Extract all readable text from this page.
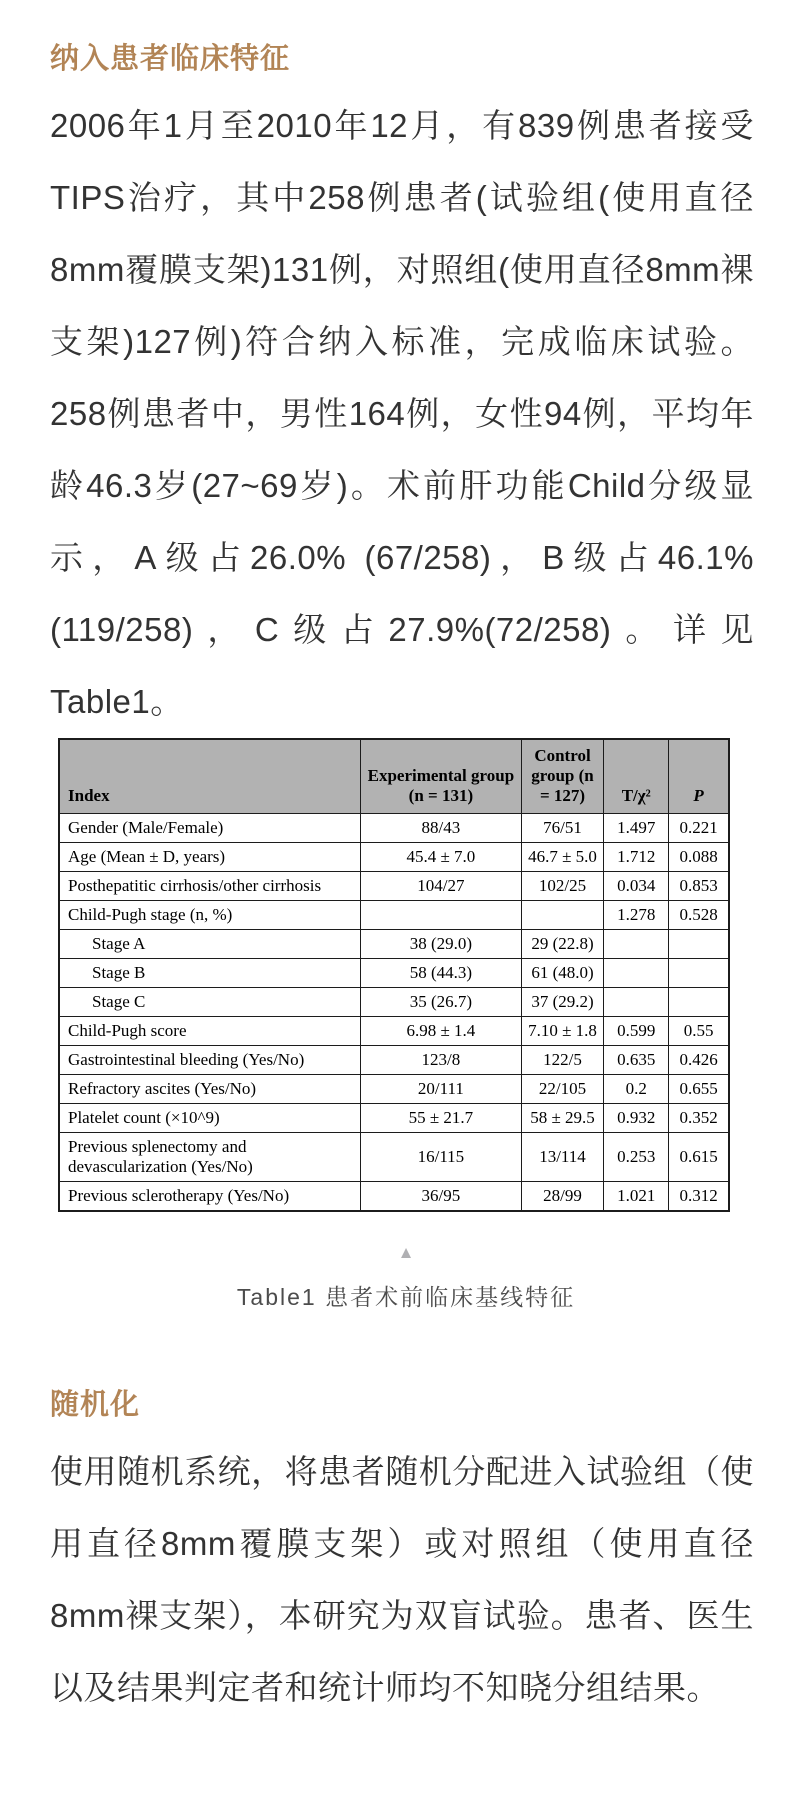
纳入患者临床特征

2006年1月至2010年12月，有839例患者接受TIPS治疗，其中258例患者(试验组(使用直径8mm覆膜支架)131例，对照组(使用直径8mm裸支架)127例)符合纳入标准，完成临床试验。258例患者中，男性164例，女性94例，平均年龄46.3岁(27~69岁)。术前肝功能Child分级显示，A级占26.0% (67/258)，B级占46.1%(119/258)，C级占27.9%(72/258)。详见Table1。

Index	Experimental group (n = 131)	Control group (n = 127)	T/χ²	P
Gender (Male/Female)	88/43	76/51	1.497	0.221
Age (Mean ± D, years)	45.4 ± 7.0	46.7 ± 5.0	1.712	0.088
Posthepatitic cirrhosis/other cirrhosis	104/27	102/25	0.034	0.853
Child-Pugh stage (n, %)			1.278	0.528
Stage A	38 (29.0)	29 (22.8)		
Stage B	58 (44.3)	61 (48.0)		
Stage C	35 (26.7)	37 (29.2)		
Child-Pugh score	6.98 ± 1.4	7.10 ± 1.8	0.599	0.55
Gastrointestinal bleeding (Yes/No)	123/8	122/5	0.635	0.426
Refractory ascites (Yes/No)	20/111	22/105	0.2	0.655
Platelet count (×10^9)	55 ± 21.7	58 ± 29.5	0.932	0.352
Previous splenectomy and devascularization (Yes/No)	16/115	13/114	0.253	0.615
Previous sclerotherapy (Yes/No)	36/95	28/99	1.021	0.312
▲
Table1 患者术前临床基线特征
随机化

使用随机系统，将患者随机分配进入试验组（使用直径8mm覆膜支架）或对照组（使用直径8mm裸支架），本研究为双盲试验。患者、医生以及结果判定者和统计师均不知晓分组结果。
